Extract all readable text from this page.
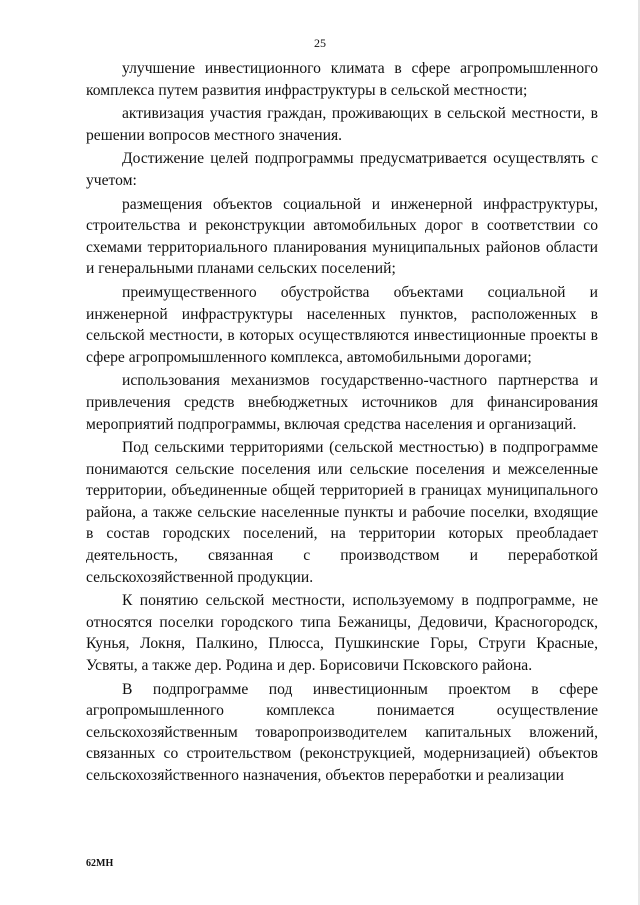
25

улучшение инвестиционного климата в сфере агропромышленного комплекса путем развития инфраструктуры в сельской местности;

активизация участия граждан, проживающих в сельской местности, в решении вопросов местного значения.

Достижение целей подпрограммы предусматривается осуществлять с учетом:

размещения объектов социальной и инженерной инфраструктуры, строительства и реконструкции автомобильных дорог в соответствии со схемами территориального планирования муниципальных районов области и генеральными планами сельских поселений;

преимущественного обустройства объектами социальной и инженерной инфраструктуры населенных пунктов, расположенных в сельской местности, в которых осуществляются инвестиционные проекты в сфере агропромышленного комплекса, автомобильными дорогами;

использования механизмов государственно-частного партнерства и привлечения средств внебюджетных источников для финансирования мероприятий подпрограммы, включая средства населения и организаций.

Под сельскими территориями (сельской местностью) в подпрограмме понимаются сельские поселения или сельские поселения и межселенные территории, объединенные общей территорией в границах муниципального района, а также сельские населенные пункты и рабочие поселки, входящие в состав городских поселений, на территории которых преобладает деятельность, связанная с производством и переработкой сельскохозяйственной продукции.

К понятию сельской местности, используемому в подпрограмме, не относятся поселки городского типа Бежаницы, Дедовичи, Красногородск, Кунья, Локня, Палкино, Плюсса, Пушкинские Горы, Струги Красные, Усвяты, а также дер. Родина и дер. Борисовичи Псковского района.

В подпрограмме под инвестиционным проектом в сфере агропромышленного комплекса понимается осуществление сельскохозяйственным товаропроизводителем капитальных вложений, связанных со строительством (реконструкцией, модернизацией) объектов сельскохозяйственного назначения, объектов переработки и реализации

62МН
